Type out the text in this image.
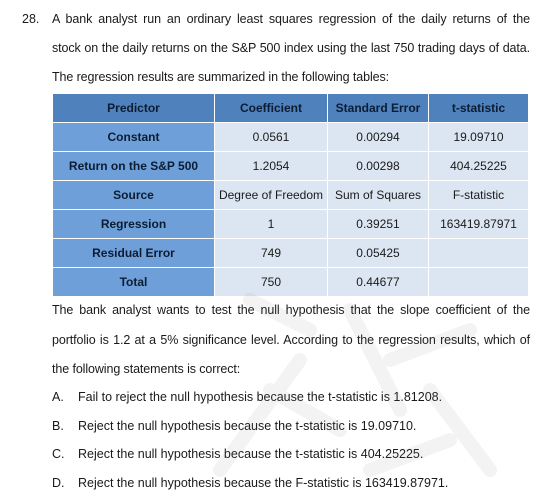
28. A bank analyst run an ordinary least squares regression of the daily returns of the
stock on the daily returns on the S&P 500 index using the last 750 trading days of data.
The regression results are summarized in the following tables:
Predictor	Coefficient	Standard Error	t-statistic
Constant	0.0561	0.00294	19.09710
Return on the S&P 500	1.2054	0.00298	404.25225
Source	Degree of Freedom	Sum of Squares	F-statistic
Regression	1	0.39251	163419.87971
Residual Error	749	0.05425	
Total	750	0.44677	
The bank analyst wants to test the null hypothesis that the slope coefficient of the
portfolio is 1.2 at a 5% significance level. According to the regression results, which of
the following statements is correct:
A. Fail to reject the null hypothesis because the t-statistic is 1.81208.
B. Reject the null hypothesis because the t-statistic is 19.09710.
C. Reject the null hypothesis because the t-statistic is 404.25225.
D. Reject the null hypothesis because the F-statistic is 163419.87971.
